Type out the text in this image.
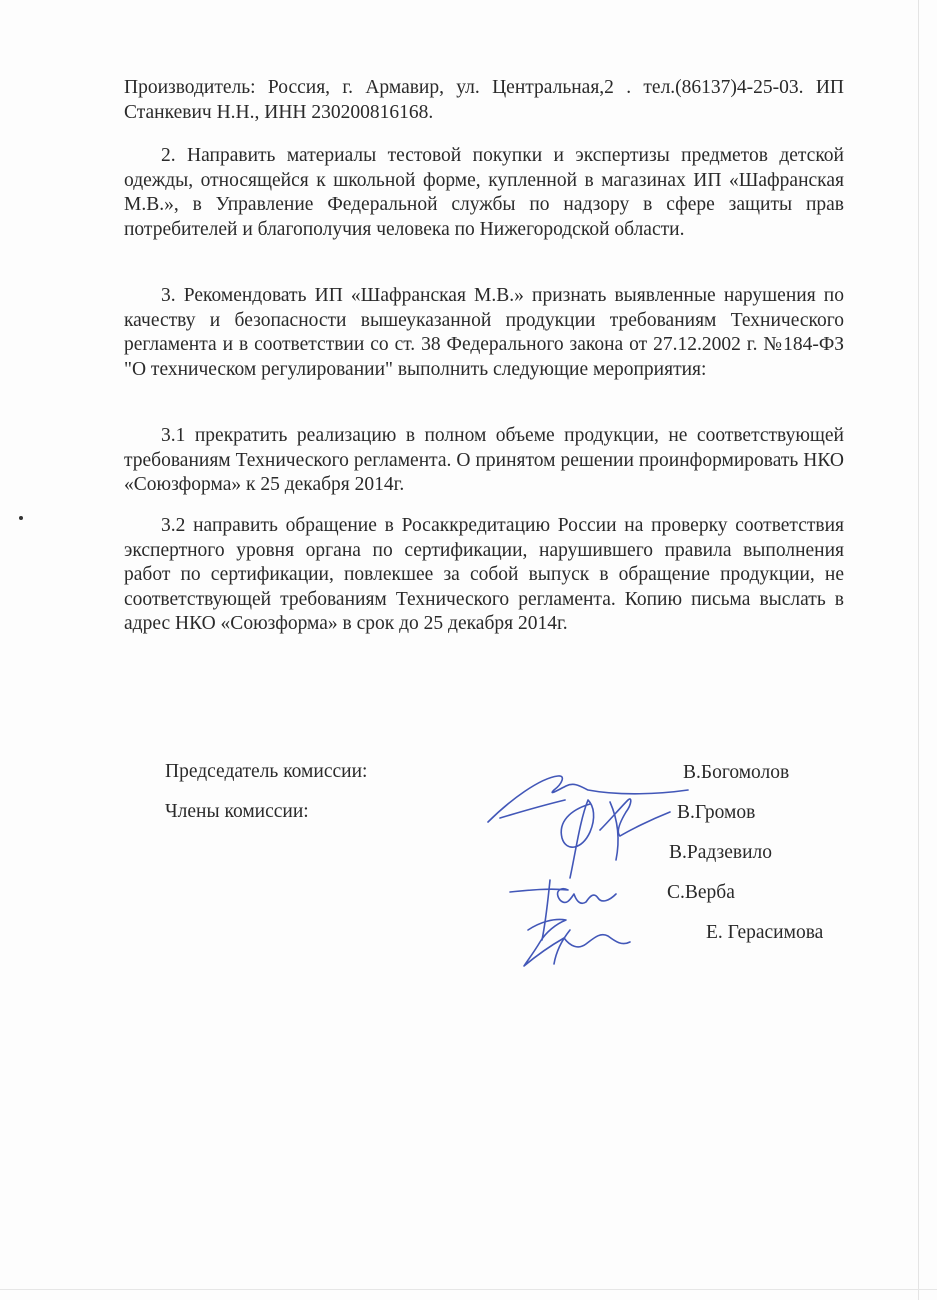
Производитель: Россия, г. Армавир, ул. Центральная,2 . тел.(86137)4-25-03. ИП Станкевич Н.Н., ИНН 230200816168.

2. Направить материалы тестовой покупки и экспертизы предметов детской одежды, относящейся к школьной форме, купленной в магазинах ИП «Шафранская М.В.», в Управление Федеральной службы по надзору в сфере защиты прав потребителей и благополучия человека по Нижегородской области.

3. Рекомендовать ИП «Шафранская М.В.» признать выявленные нарушения по качеству и безопасности вышеуказанной продукции требованиям Технического регламента и в соответствии со ст. 38 Федерального закона от 27.12.2002 г. №184-ФЗ "О техническом регулировании" выполнить следующие мероприятия:

3.1 прекратить реализацию в полном объеме продукции, не соответствующей требованиям Технического регламента. О принятом решении проинформировать НКО «Союзформа» к 25 декабря 2014г.

3.2 направить обращение в Росаккредитацию России на проверку соответствия экспертного уровня органа по сертификации, нарушившего правила выполнения работ по сертификации, повлекшее за собой выпуск в обращение продукции, не соответствующей требованиям Технического регламента. Копию письма выслать в адрес НКО «Союзформа» в срок до 25 декабря 2014г.

Председатель комиссии:
Члены комиссии:
В.Богомолов
В.Громов
В.Радзевило
С.Верба
Е. Герасимова
